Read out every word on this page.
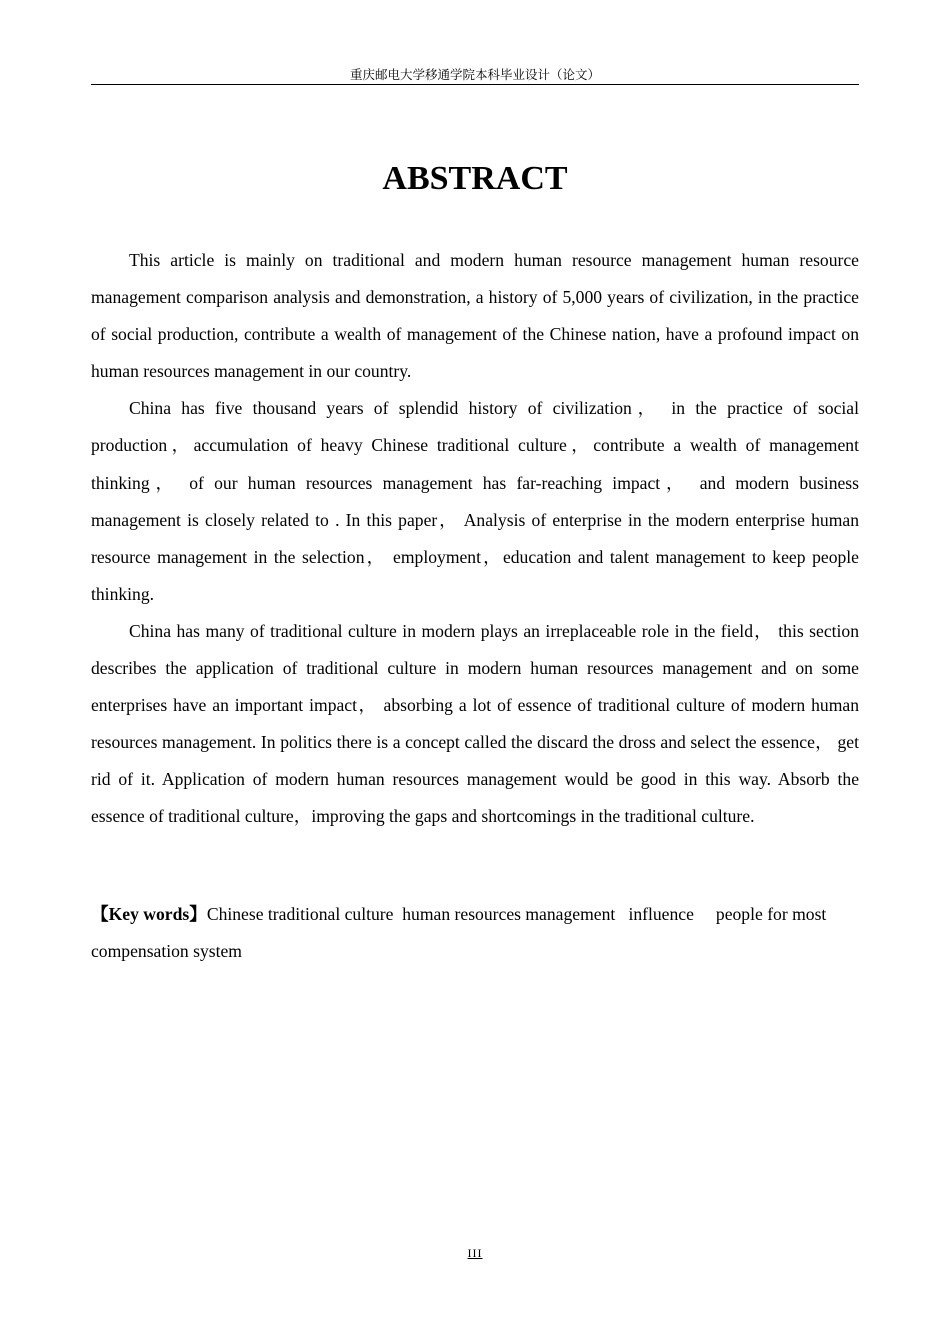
重庆邮电大学移通学院本科毕业设计（论文）
ABSTRACT

This article is mainly on traditional and modern human resource management human resource management comparison analysis and demonstration, a history of 5,000 years of civilization, in the practice of social production, contribute a wealth of management of the Chinese nation, have a profound impact on human resources management in our country.

China has five thousand years of splendid history of civilization， in the practice of social production，accumulation of heavy Chinese traditional culture，contribute a wealth of management thinking， of our human resources management has far-reaching impact， and modern business management is closely related to . In this paper， Analysis of enterprise in the modern enterprise human resource management in the selection， employment，education and talent management to keep people thinking.

China has many of traditional culture in modern plays an irreplaceable role in the field， this section describes the application of traditional culture in modern human resources management and on some enterprises have an important impact， absorbing a lot of essence of traditional culture of modern human resources management. In politics there is a concept called the discard the dross and select the essence， get rid of it. Application of modern human resources management would be good in this way. Absorb the essence of traditional culture，improving the gaps and shortcomings in the traditional culture.

【Key words】Chinese traditional culture  human resources management   influence     people for most    compensation system

III
